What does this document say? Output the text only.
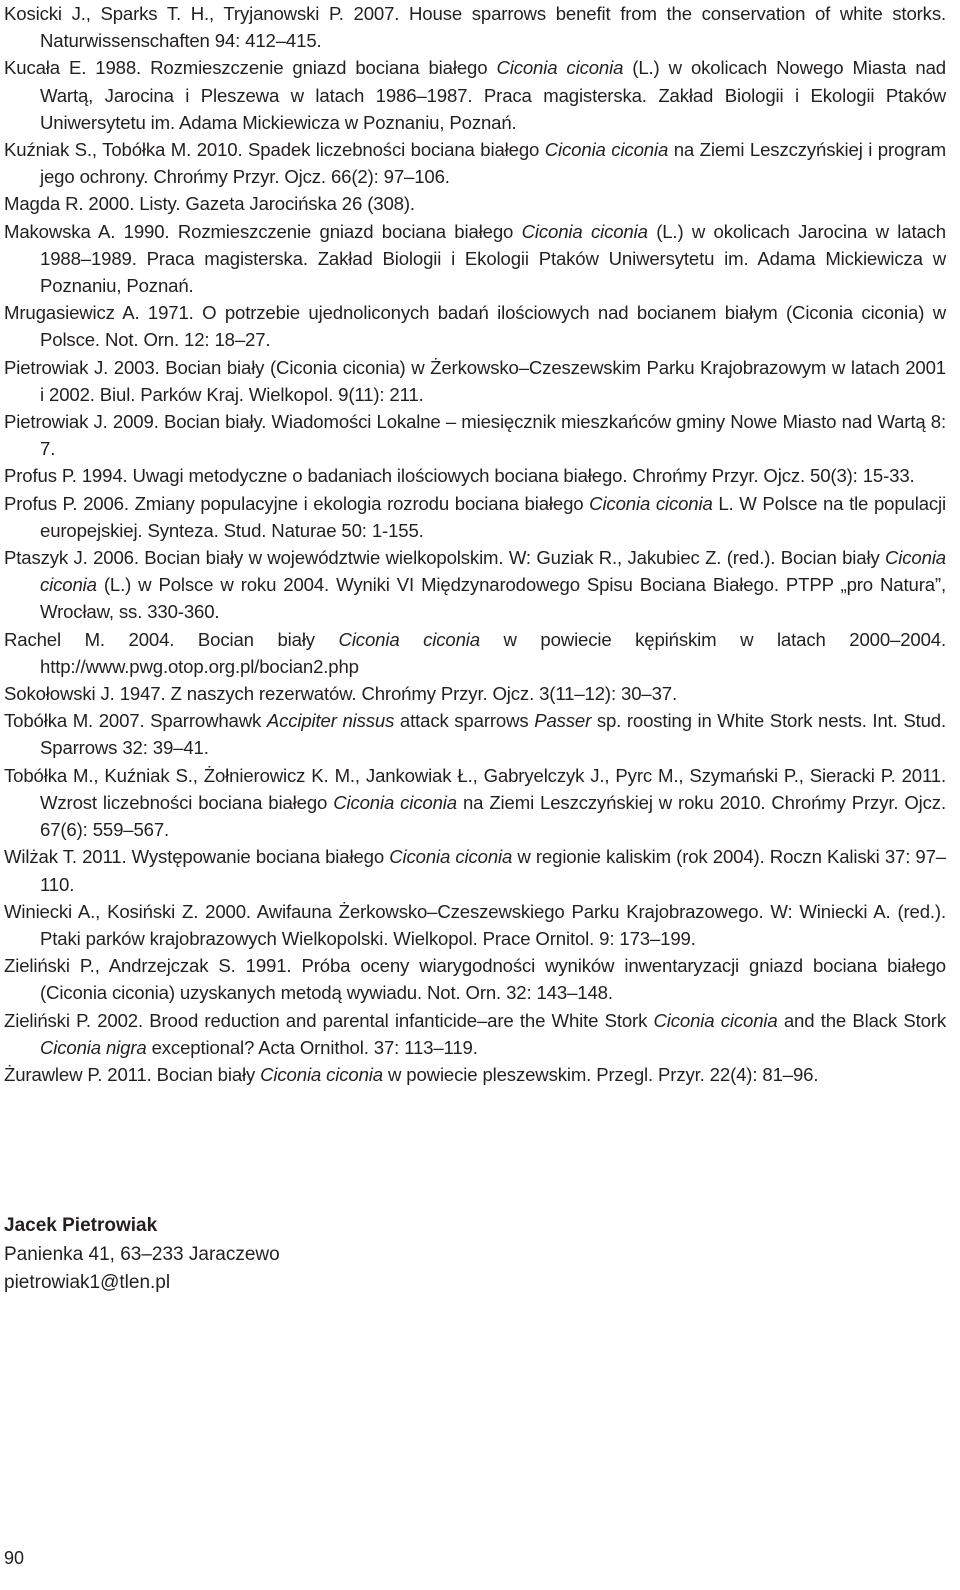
Kosicki J., Sparks T. H., Tryjanowski P. 2007. House sparrows benefit from the conservation of white storks. Naturwissenschaften 94: 412–415.
Kucała E. 1988. Rozmieszczenie gniazd bociana białego Ciconia ciconia (L.) w okolicach Nowego Miasta nad Wartą, Jarocina i Pleszewa w latach 1986–1987. Praca magisterska. Zakład Biologii i Ekologii Ptaków Uniwersytetu im. Adama Mickiewicza w Poznaniu, Poznań.
Kuźniak S., Tobółka M. 2010. Spadek liczebności bociana białego Ciconia ciconia na Ziemi Leszczyńskiej i program jego ochrony. Chrońmy Przyr. Ojcz. 66(2): 97–106.
Magda R. 2000. Listy. Gazeta Jarocińska 26 (308).
Makowska A. 1990. Rozmieszczenie gniazd bociana białego Ciconia ciconia (L.) w okolicach Jarocina w latach 1988–1989. Praca magisterska. Zakład Biologii i Ekologii Ptaków Uniwersytetu im. Adama Mickiewicza w Poznaniu, Poznań.
Mrugasiewicz A. 1971. O potrzebie ujednoliconych badań ilościowych nad bocianem białym (Ciconia ciconia) w Polsce. Not. Orn. 12: 18–27.
Pietrowiak J. 2003. Bocian biały (Ciconia ciconia) w Żerkowsko–Czeszewskim Parku Krajobrazowym w latach 2001 i 2002. Biul. Parków Kraj. Wielkopol. 9(11): 211.
Pietrowiak J. 2009. Bocian biały. Wiadomości Lokalne – miesięcznik mieszkańców gminy Nowe Miasto nad Wartą 8: 7.
Profus P. 1994. Uwagi metodyczne o badaniach ilościowych bociana białego. Chrońmy Przyr. Ojcz. 50(3): 15-33.
Profus P. 2006. Zmiany populacyjne i ekologia rozrodu bociana białego Ciconia ciconia L. W Polsce na tle populacji europejskiej. Synteza. Stud. Naturae 50: 1-155.
Ptaszyk J. 2006. Bocian biały w województwie wielkopolskim. W: Guziak R., Jakubiec Z. (red.). Bocian biały Ciconia ciconia (L.) w Polsce w roku 2004. Wyniki VI Międzynarodowego Spisu Bociana Białego. PTPP „pro Natura”, Wrocław, ss. 330-360.
Rachel M. 2004. Bocian biały Ciconia ciconia w powiecie kępińskim w latach 2000–2004. http://www.pwg.otop.org.pl/bocian2.php
Sokołowski J. 1947. Z naszych rezerwatów. Chrońmy Przyr. Ojcz. 3(11–12): 30–37.
Tobółka M. 2007. Sparrowhawk Accipiter nissus attack sparrows Passer sp. roosting in White Stork nests. Int. Stud. Sparrows 32: 39–41.
Tobółka M., Kuźniak S., Żołnierowicz K. M., Jankowiak Ł., Gabryelczyk J., Pyrc M., Szymański P., Sieracki P. 2011. Wzrost liczebności bociana białego Ciconia ciconia na Ziemi Leszczyńskiej w roku 2010. Chrońmy Przyr. Ojcz. 67(6): 559–567.
Wilżak T. 2011. Występowanie bociana białego Ciconia ciconia w regionie kaliskim (rok 2004). Roczn Kaliski 37: 97–110.
Winiecki A., Kosiński Z. 2000. Awifauna Żerkowsko–Czeszewskiego Parku Krajobrazowego. W: Winiecki A. (red.). Ptaki parków krajobrazowych Wielkopolski. Wielkopol. Prace Ornitol. 9: 173–199.
Zieliński P., Andrzejczak S. 1991. Próba oceny wiarygodności wyników inwentaryzacji gniazd bociana białego (Ciconia ciconia) uzyskanych metodą wywiadu. Not. Orn. 32: 143–148.
Zieliński P. 2002. Brood reduction and parental infanticide–are the White Stork Ciconia ciconia and the Black Stork Ciconia nigra exceptional? Acta Ornithol. 37: 113–119.
Żurawlew P. 2011. Bocian biały Ciconia ciconia w powiecie pleszewskim. Przegl. Przyr. 22(4): 81–96.
Jacek Pietrowiak
Panienka 41, 63–233 Jaraczewo
pietrowiak1@tlen.pl
90
